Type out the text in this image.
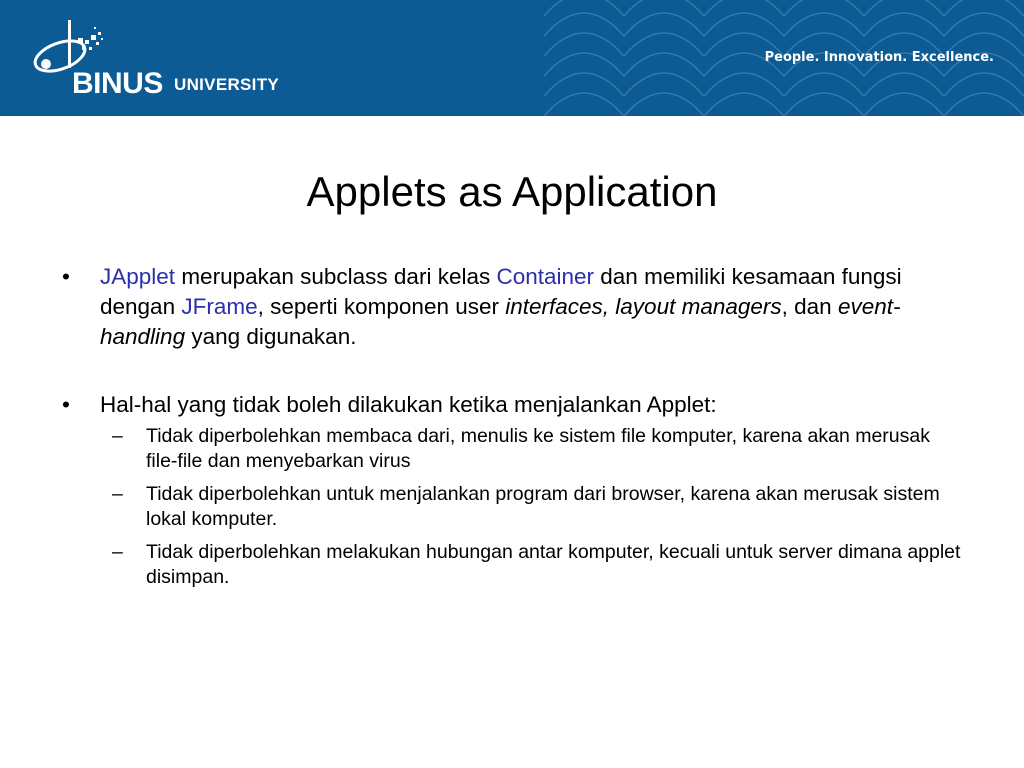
BINUS UNIVERSITY
People. Innovation. Excellence.
Applets as Application
• JApplet merupakan subclass dari kelas Container dan memiliki kesamaan fungsi dengan JFrame, seperti komponen user interfaces, layout managers, dan event-handling yang digunakan.
• Hal-hal yang tidak boleh dilakukan ketika menjalankan Applet:
– Tidak diperbolehkan membaca dari, menulis ke sistem file komputer, karena akan merusak file-file dan menyebarkan virus
– Tidak diperbolehkan untuk menjalankan program dari browser, karena akan merusak sistem lokal komputer.
– Tidak diperbolehkan melakukan hubungan antar komputer, kecuali untuk server dimana applet disimpan.
